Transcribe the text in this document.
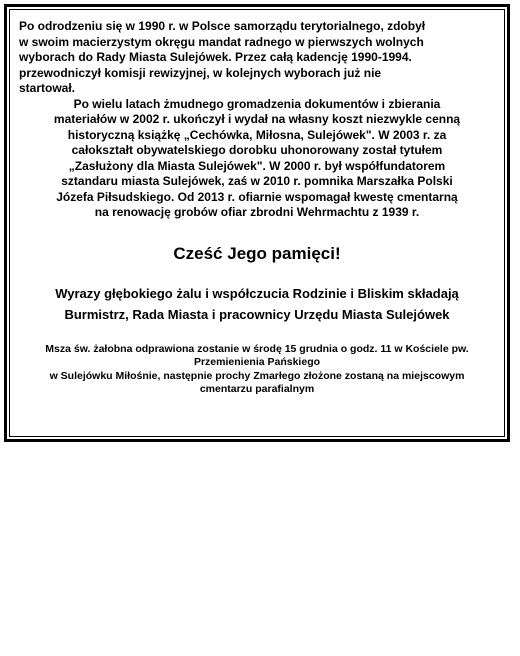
Po odrodzeniu się w 1990 r. w Polsce samorządu terytorialnego, zdobył
w swoim macierzystym okręgu mandat radnego w pierwszych wolnych
wyborach do Rady Miasta Sulejówek. Przez całą kadencję 1990-1994.
przewodniczył komisji rewizyjnej, w kolejnych wyborach już nie
startował.

Po wielu latach żmudnego gromadzenia dokumentów i zbierania
materiałów w 2002 r. ukończył i wydał na własny koszt niezwykle cenną
historyczną książkę „Cechówka, Miłosna, Sulejówek". W 2003 r. za
całokształt obywatelskiego dorobku uhonorowany został tytułem
„Zasłużony dla Miasta Sulejówek". W 2000 r. był współfundatorem
sztandaru miasta Sulejówek, zaś w 2010 r. pomnika Marszałka Polski
Józefa Piłsudskiego. Od 2013 r. ofiarnie wspomagał kwestę cmentarną
na renowację grobów ofiar zbrodni Wehrmachtu z 1939 r.

Cześć Jego pamięci!

Wyrazy głębokiego żalu i współczucia Rodzinie i Bliskim składają
Burmistrz, Rada Miasta i pracownicy Urzędu Miasta Sulejówek

Msza św. żałobna odprawiona zostanie w środę 15 grudnia o godz. 11 w Kościele pw.
Przemienienia Pańskiego
w Sulejówku Miłośnie, następnie prochy Zmarłego złożone zostaną na miejscowym
cmentarzu parafialnym
